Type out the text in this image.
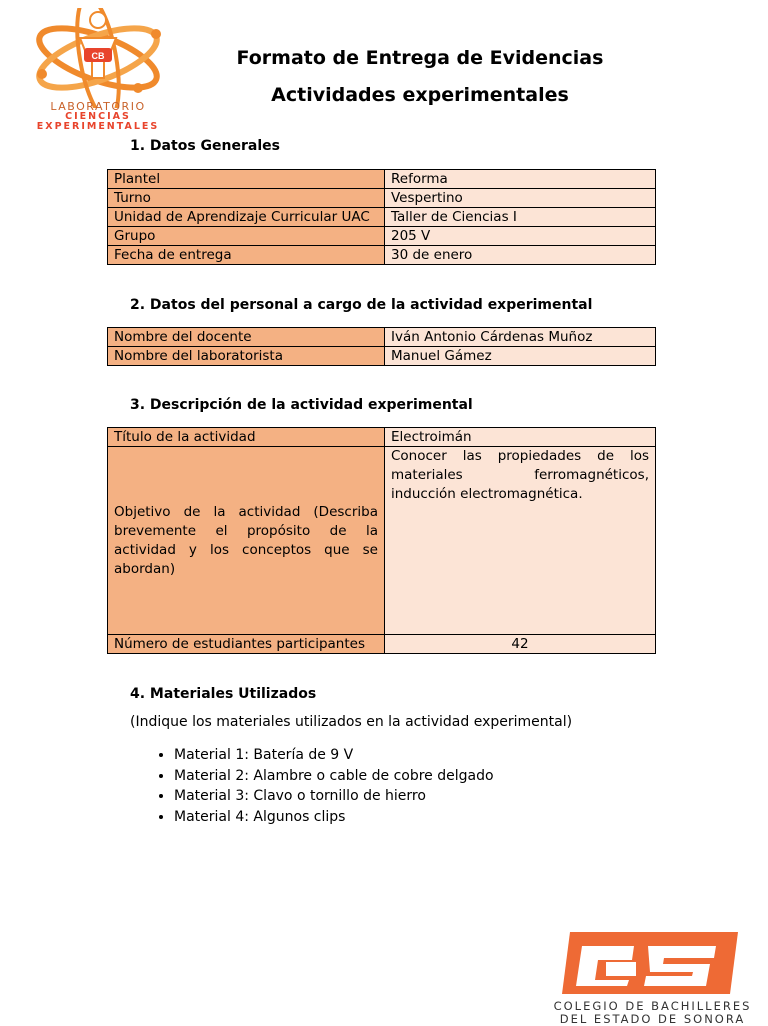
CB
LABORATORIO
CIENCIAS
EXPERIMENTALES
Formato de Entrega de Evidencias
Actividades experimentales
1. Datos Generales
Plantel	Reforma
Turno	Vespertino
Unidad de Aprendizaje Curricular UAC	Taller de Ciencias I
Grupo	205 V
Fecha de entrega	30 de enero
2. Datos del personal a cargo de la actividad experimental
Nombre del docente	Iván Antonio Cárdenas Muñoz
Nombre del laboratorista	Manuel Gámez
3. Descripción de la actividad experimental
Título de la actividad	Electroimán
Objetivo de la actividad (Describa brevemente el propósito de la actividad y los conceptos que se abordan)	Conocer las propiedades de los materiales ferromagnéticos, inducción electromagnética.
Número de estudiantes participantes	42
4. Materiales Utilizados
(Indique los materiales utilizados en la actividad experimental)
• Material 1: Batería de 9 V
• Material 2: Alambre o cable de cobre delgado
• Material 3: Clavo o tornillo de hierro
• Material 4: Algunos clips
COLEGIO DE BACHILLERES
DEL ESTADO DE SONORA
